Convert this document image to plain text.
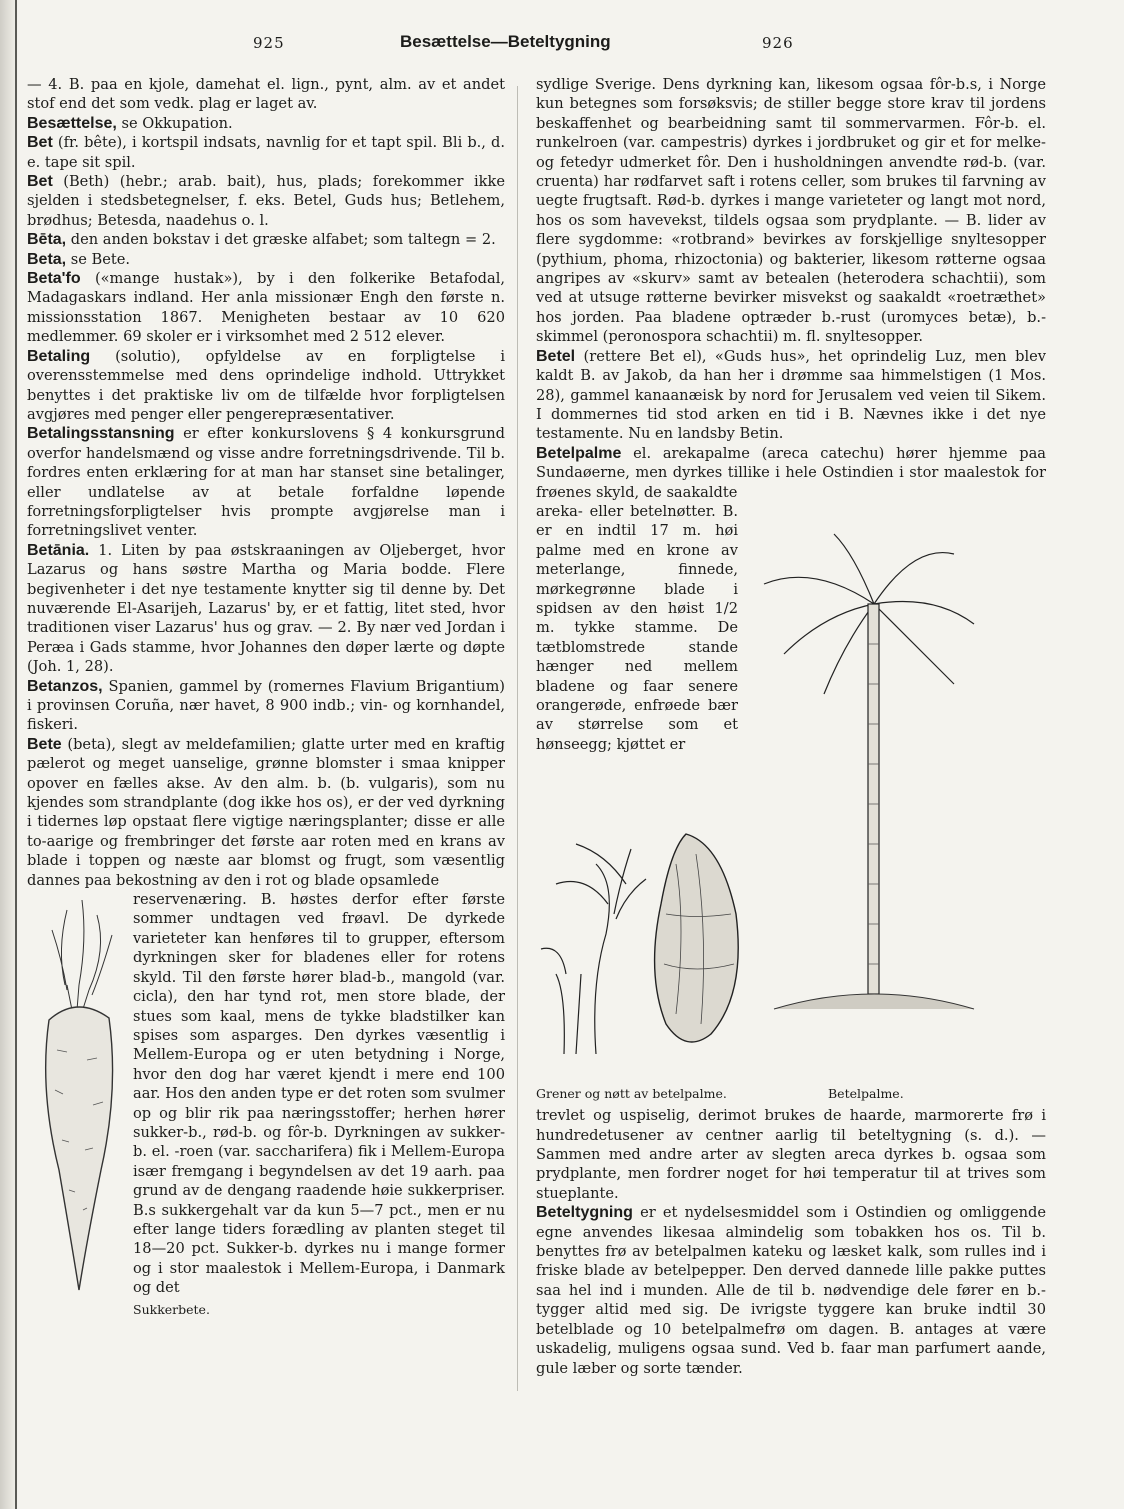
925	Besættelse—Beteltygning	926

— 4. B. paa en kjole, damehat el. lign., pynt, alm. av et andet stof end det som vedk. plag er laget av.

Besættelse, se Okkupation.

Bet (fr. bête), i kortspil indsats, navnlig for et tapt spil. Bli b., d. e. tape sit spil.

Bet (Beth) (hebr.; arab. bait), hus, plads; forekommer ikke sjelden i stedsbetegnelser, f. eks. Betel, Guds hus; Betlehem, brødhus; Betesda, naadehus o. l.

Bēta, den anden bokstav i det græske alfabet; som taltegn = 2.

Beta, se Bete.

Beta'fo («mange hustak»), by i den folkerike Betafodal, Madagaskars indland. Her anla missionær Engh den første n. missionsstation 1867. Menigheten bestaar av 10 620 medlemmer. 69 skoler er i virksomhet med 2 512 elever.

Betaling (solutio), opfyldelse av en forpligtelse i overensstemmelse med dens oprindelige indhold. Uttrykket benyttes i det praktiske liv om de tilfælde hvor forpligtelsen avgjøres med penger eller pengerepræsentativer.

Betalingsstansning er efter konkurslovens § 4 konkursgrund overfor handelsmænd og visse andre forretningsdrivende. Til b. fordres enten erklæring for at man har stanset sine betalinger, eller undlatelse av at betale forfaldne løpende forretningsforpligtelser hvis prompte avgjørelse man i forretningslivet venter.

Betānia. 1. Liten by paa østskraaningen av Oljeberget, hvor Lazarus og hans søstre Martha og Maria bodde. Flere begivenheter i det nye testamente knytter sig til denne by. Det nuværende El-Asarijeh, Lazarus' by, er et fattig, litet sted, hvor traditionen viser Lazarus' hus og grav. — 2. By nær ved Jordan i Peræa i Gads stamme, hvor Johannes den døper lærte og døpte (Joh. 1, 28).

Betanzos, Spanien, gammel by (romernes Flavium Brigantium) i provinsen Coruña, nær havet, 8 900 indb.; vin- og kornhandel, fiskeri.

Bete (beta), slegt av meldefamilien; glatte urter med en kraftig pælerot og meget uanselige, grønne blomster i smaa knipper opover en fælles akse. Av den alm. b. (b. vulgaris), som nu kjendes som strandplante (dog ikke hos os), er der ved dyrkning i tidernes løp opstaat flere vigtige næringsplanter; disse er alle to-aarige og frembringer det første aar roten med en krans av blade i toppen og næste aar blomst og frugt, som væsentlig dannes paa bekostning av den i rot og blade opsamlede

reservenæring. B. høstes derfor efter første sommer undtagen ved frøavl. De dyrkede varieteter kan henføres til to grupper, eftersom dyrkningen sker for bladenes eller for rotens skyld. Til den første hører blad-b., mangold (var. cicla), den har tynd rot, men store blade, der stues som kaal, mens de tykke bladstilker kan spises som asparges. Den dyrkes væsentlig i Mellem-Europa og er uten betydning i Norge, hvor den dog har været kjendt i mere end 100 aar. Hos den anden type er det roten som svulmer op og blir rik paa næringsstoffer; herhen hører sukker-b., rød-b. og fôr-b. Dyrkningen av sukker-b. el. -roen (var. saccharifera) fik i Mellem-Europa især fremgang i begyndelsen av det 19 aarh. paa grund av de dengang raadende høie sukkerpriser. B.s sukkergehalt var da kun 5—7 pct., men er nu efter lange tiders forædling av planten steget til 18—20 pct. Sukker-b. dyrkes nu i mange former og i stor maalestok i Mellem-Europa, i Danmark og det

Sukkerbete.

sydlige Sverige. Dens dyrkning kan, likesom ogsaa fôr-b.s, i Norge kun betegnes som forsøksvis; de stiller begge store krav til jordens beskaffenhet og bearbeidning samt til sommervarmen. Fôr-b. el. runkelroen (var. campestris) dyrkes i jordbruket og gir et for melke- og fetedyr udmerket fôr. Den i husholdningen anvendte rød-b. (var. cruenta) har rødfarvet saft i rotens celler, som brukes til farvning av uegte frugtsaft. Rød-b. dyrkes i mange varieteter og langt mot nord, hos os som havevekst, tildels ogsaa som prydplante. — B. lider av flere sygdomme: «rotbrand» bevirkes av forskjellige snyltesopper (pythium, phoma, rhizoctonia) og bakterier, likesom røtterne ogsaa angripes av «skurv» samt av betealen (heterodera schachtii), som ved at utsuge røtterne bevirker misvekst og saakaldt «roetræthet» hos jorden. Paa bladene optræder b.-rust (uromyces betæ), b.-skimmel (peronospora schachtii) m. fl. snyltesopper.

Betel (rettere Bet el), «Guds hus», het oprindelig Luz, men blev kaldt B. av Jakob, da han her i drømme saa himmelstigen (1 Mos. 28), gammel kanaanæisk by nord for Jerusalem ved veien til Sikem. I dommernes tid stod arken en tid i B. Nævnes ikke i det nye testamente. Nu en landsby Betin.

Betelpalme el. arekapalme (areca catechu) hører hjemme paa Sundaøerne, men dyrkes tillike i hele Ostindien i stor maalestok for frøenes skyld, de saakaldte

areka- eller betelnøtter. B. er en indtil 17 m. høi palme med en krone av meterlange, finnede, mørkegrønne blade i spidsen av den høist 1/2 m. tykke stamme. De tætblomstrede stande hænger ned mellem bladene og faar senere orangerøde, enfrøede bær av størrelse som et hønseegg; kjøttet er

Grener og nøtt av betelpalme.	Betelpalme.

trevlet og uspiselig, derimot brukes de haarde, marmorerte frø i hundredetusener av centner aarlig til beteltygning (s. d.). — Sammen med andre arter av slegten areca dyrkes b. ogsaa som prydplante, men fordrer noget for høi temperatur til at trives som stueplante.

Beteltygning er et nydelsesmiddel som i Ostindien og omliggende egne anvendes likesaa almindelig som tobakken hos os. Til b. benyttes frø av betelpalmen kateku og læsket kalk, som rulles ind i friske blade av betelpepper. Den derved dannede lille pakke puttes saa hel ind i munden. Alle de til b. nødvendige dele fører en b.-tygger altid med sig. De ivrigste tyggere kan bruke indtil 30 betelblade og 10 betelpalmefrø om dagen. B. antages at være uskadelig, muligens ogsaa sund. Ved b. faar man parfumert aande, gule læber og sorte tænder.
